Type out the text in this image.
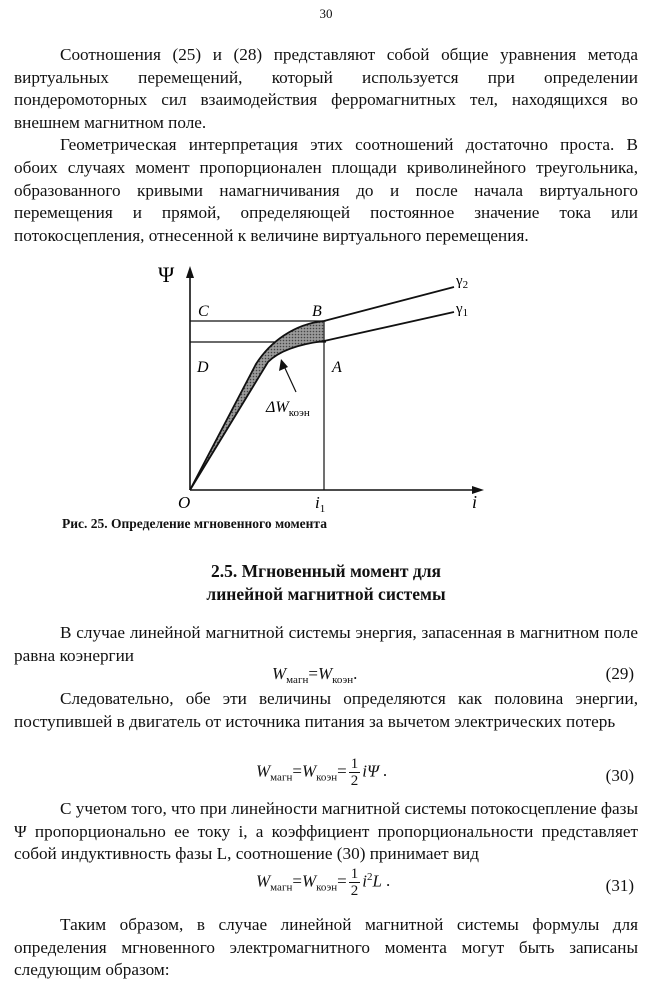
30

Соотношения (25) и (28) представляют собой общие уравнения метода виртуальных перемещений, который используется при определении пондеромоторных сил взаимодействия ферромагнитных тел, находящихся во внешнем магнитном поле.

Геометрическая интерпретация этих соотношений достаточно проста. В обоих случаях момент пропорционален площади криволинейного треугольника, образованного кривыми намагничивания до и после начала виртуального перемещения и прямой, определяющей постоянное значение тока или потокосцепления, отнесенной к величине виртуального перемещения.

Ψ
O	i
C	B
D	A
$\gamma_2$
$\gamma_1$
$\Delta W_{коэн}$
$i_1$
Рис. 25. Определение мгновенного момента
2.5. Мгновенный момент для
линейной магнитной системы

В случае линейной магнитной системы энергия, запасенная в магнитном поле равна коэнергии

$W_{магн}=W_{коэн}$.	(29)

Следовательно, обе эти величины определяются как половина энергии, поступившей в двигатель от источника питания за вычетом электрических потерь

$W_{магн}=W_{коэн}= \frac{1}{2}$ iΨ .	(30)

С учетом того, что при линейности магнитной системы потокосцепление фазы Ψ пропорционально ее току i, а коэффициент пропорциональности представляет собой индуктивность фазы L, соотношение (30) принимает вид

$W_{магн}=W_{коэн}= \frac{1}{2} i^2L$ .	(31)

Таким образом, в случае линейной магнитной системы формулы для определения мгновенного электромагнитного момента могут быть записаны следующим образом:
